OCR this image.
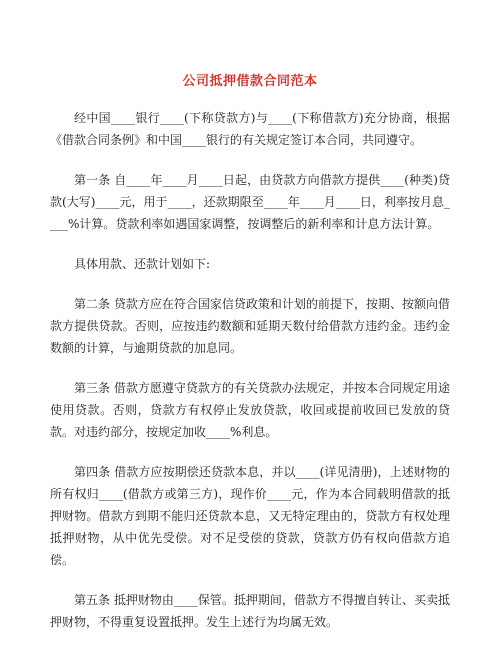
公司抵押借款合同范本

经中国____银行____(下称贷款方)与____(下称借款方)充分协商，根据《借款合同条例》和中国____银行的有关规定签订本合同，共同遵守。

第一条 自____年____月____日起，由贷款方向借款方提供____(种类)贷款(大写)____元，用于____，还款期限至____年____月____日，利率按月息____%计算。贷款利率如遇国家调整，按调整后的新利率和计息方法计算。

具体用款、还款计划如下:

第二条 贷款方应在符合国家信贷政策和计划的前提下，按期、按额向借款方提供贷款。否则，应按违约数额和延期天数付给借款方违约金。违约金数额的计算，与逾期贷款的加息同。

第三条 借款方愿遵守贷款方的有关贷款办法规定，并按本合同规定用途使用贷款。否则，贷款方有权停止发放贷款，收回或提前收回已发放的贷款。对违约部分，按规定加收____%利息。

第四条 借款方应按期偿还贷款本息，并以____(详见清册)，上述财物的所有权归____(借款方或第三方)，现作价____元，作为本合同载明借款的抵押财物。借款方到期不能归还贷款本息，又无特定理由的，贷款方有权处理抵押财物，从中优先受偿。对不足受偿的贷款，贷款方仍有权向借款方追偿。

第五条 抵押财物由____保管。抵押期间，借款方不得擅自转让、买卖抵押财物，不得重复设置抵押。发生上述行为均属无效。
